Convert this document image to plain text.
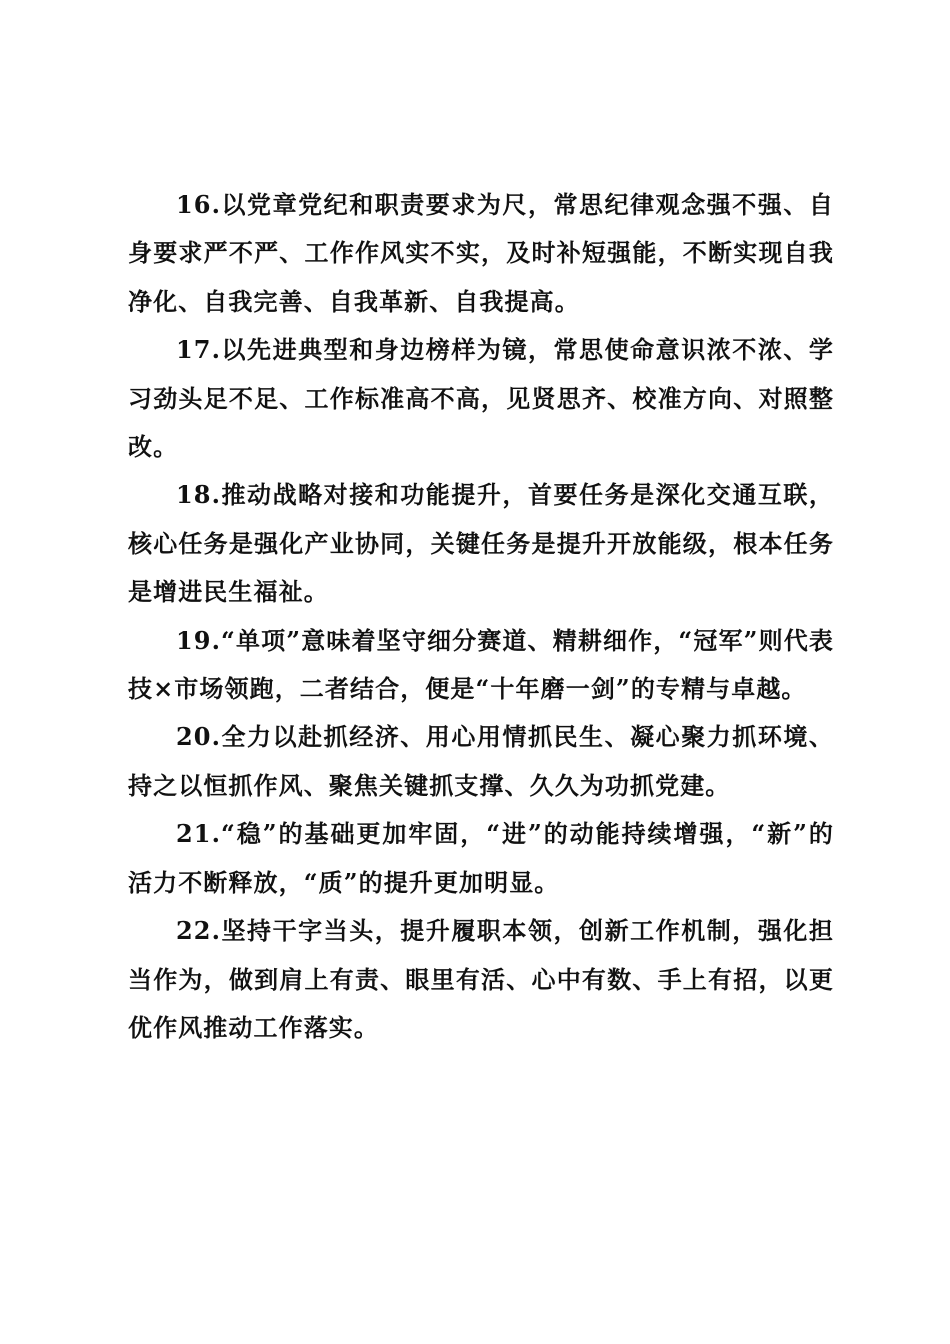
16.以党章党纪和职责要求为尺，常思纪律观念强不强、自身要求严不严、工作作风实不实，及时补短强能，不断实现自我净化、自我完善、自我革新、自我提高。

17.以先进典型和身边榜样为镜，常思使命意识浓不浓、学习劲头足不足、工作标准高不高，见贤思齐、校准方向、对照整改。

18.推动战略对接和功能提升，首要任务是深化交通互联，核心任务是强化产业协同，关键任务是提升开放能级，根本任务是增进民生福祉。

19.“单项”意味着坚守细分赛道、精耕细作，“冠军”则代表技×市场领跑，二者结合，便是“十年磨一剑”的专精与卓越。

20.全力以赴抓经济、用心用情抓民生、凝心聚力抓环境、持之以恒抓作风、聚焦关键抓支撑、久久为功抓党建。

21.“稳”的基础更加牢固，“进”的动能持续增强，“新”的活力不断释放，“质”的提升更加明显。

22.坚持干字当头，提升履职本领，创新工作机制，强化担当作为，做到肩上有责、眼里有活、心中有数、手上有招，以更优作风推动工作落实。
